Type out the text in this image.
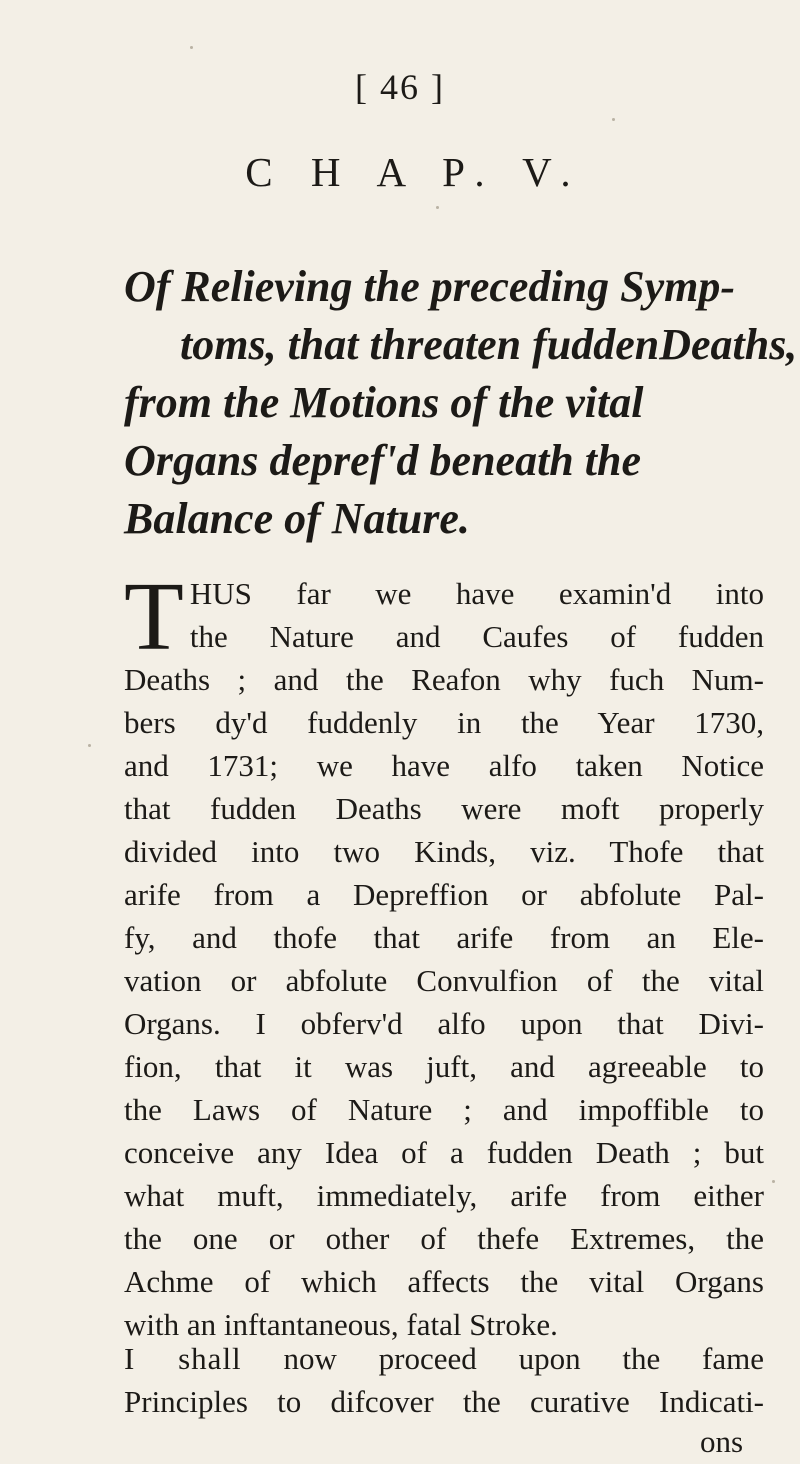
[ 46 ]
C H A P. V.
Of Relieving the preceding Symp-
toms, that threaten fuddenDeaths,
from the Motions of the vital
Organs depref'd beneath the
Balance of Nature.
T HUS far we have examin'd into
the Nature and Caufes of fudden
Deaths ; and the Reafon why fuch Num-
bers dy'd fuddenly in the Year 1730,
and 1731; we have alfo taken Notice
that fudden Deaths were moft properly
divided into two Kinds, viz. Thofe that
arife from a Depreffion or abfolute Pal-
fy, and thofe that arife from an Ele-
vation or abfolute Convulfion of the vital
Organs. I obferv'd alfo upon that Divi-
fion, that it was juft, and agreeable to
the Laws of Nature ; and impoffible to
conceive any Idea of a fudden Death ; but
what muft, immediately, arife from either
the one or other of thefe Extremes, the
Achme of which affects the vital Organs
with an inftantaneous, fatal Stroke.
I shall now proceed upon the fame
Principles to difcover the curative Indicati-
ons
